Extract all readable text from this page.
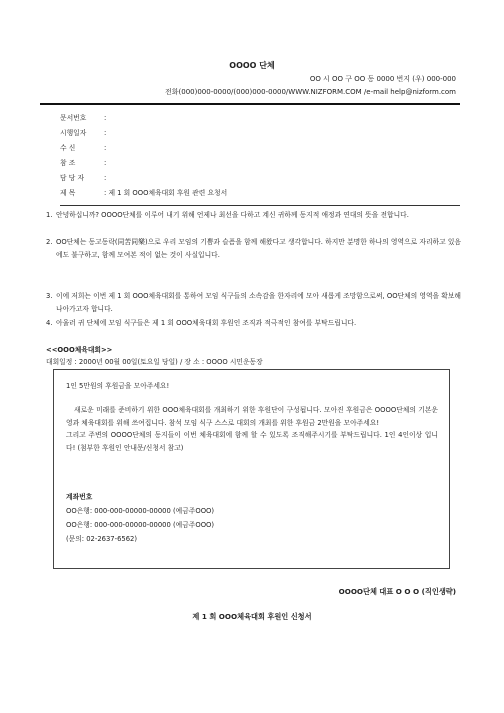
OOOO 단체
OO 시 OO 구 OO 동 0000 번지 (우) 000-000
전화(000)000-0000/(000)000-0000/WWW.NIZFORM.COM /e-mail help@nizform.com
문서번호	:
시행일자	:
수 신	:
참 조	:
담 당 자	:
제 목	: 제 1 회 OOO체육대회 후원 관련 요청서
1. 안녕하십니까? OOOO단체를 이루어 내기 위해 언제나 최선을 다하고 계신 귀하께 동지적 애정과 연대의 뜻을 전합니다.
2. OO단체는 동고동락(同苦同樂)으로 우리 모임의 기쁨과 슬픔을 함께 해왔다고 생각합니다. 하지만 분명한 하나의 영역으로 자리하고 있음에도 불구하고, 함께 모여본 적이 없는 것이 사실입니다.
3. 이에 저희는 이번 제 1 회 OOO체육대회를 통하여 모임 식구들의 소속감을 한자리에 모아 새롭게 조망함으로써, OO단체의 영역을 확보해 나아가고자 합니다.
4. 아울러 귀 단체에 모임 식구들은 제 1 회 OOO체육대회 후원인 조직과 적극적인 참여를 부탁드립니다.
<<OOO체육대회>>
대회일정 : 2000년 00월 00일(토요일 당일) / 장 소 : OOOO 시민운동장
1인 5만원의 후원금을 모아주세요!
새로운 미래를 준비하기 위한 OOO체육대회를 개최하기 위한 후원단이 구성됩니다. 모아진 후원금은 OOOO단체의 기본운영과 체육대회를 위해 쓰여집니다. 참석 모임 식구 스스로 대회의 개최를 위한 후원금 2만원을 모아주세요!
그리고 주변의 OOOO단체의 동지들이 이번 체육대회에 함께 할 수 있도록 조직해주시기를 부탁드립니다. 1인 4인이상 입니다! (첨부한 후원인 안내문/신청서 참고)
계좌번호
OO은행: 000-000-00000-00000 (예금주OOO)
OO은행: 000-000-00000-00000 (예금주OOO)
(문의: 02-2637-6562)
OOOO단체 대표 O O O (직인생략)
제 1 회 OOO체육대회 후원인 신청서
